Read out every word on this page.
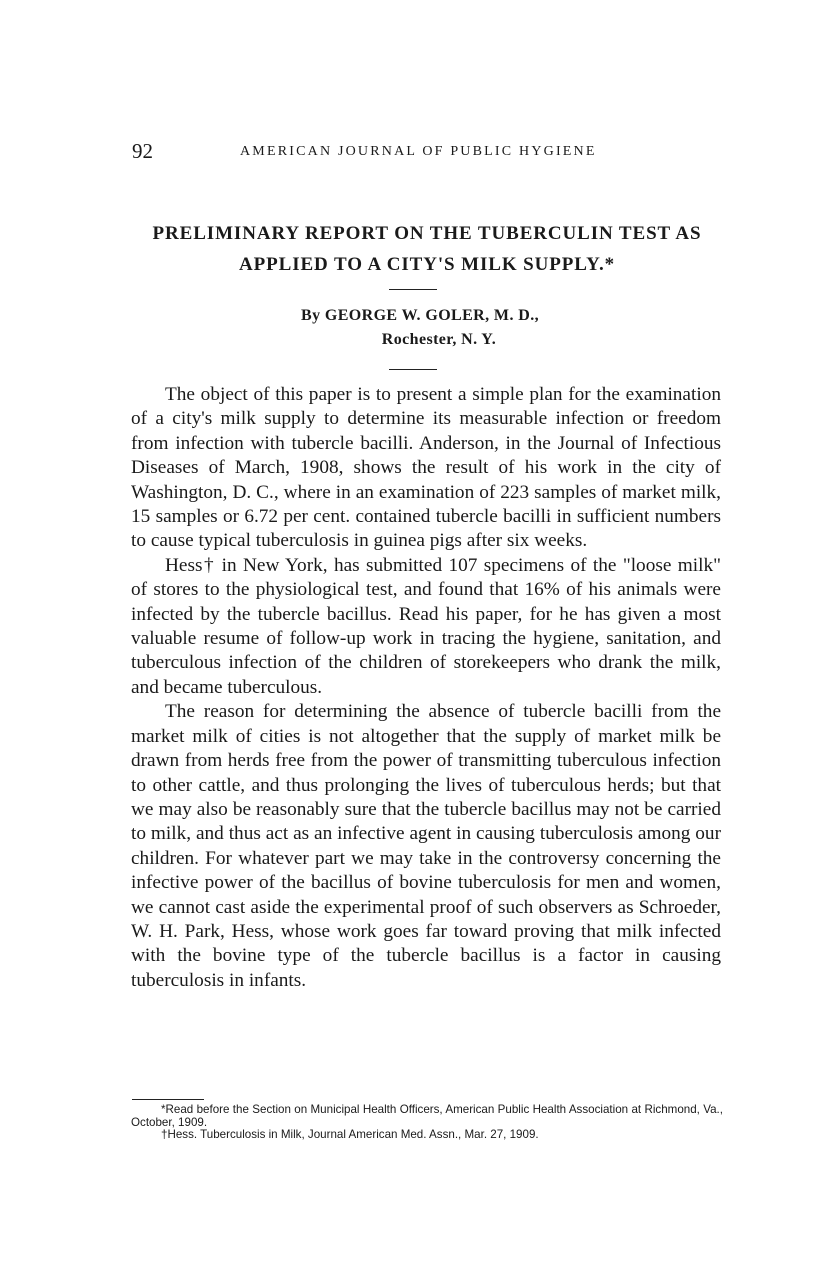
92	AMERICAN JOURNAL OF PUBLIC HYGIENE
PRELIMINARY REPORT ON THE TUBERCULIN TEST AS
APPLIED TO A CITY'S MILK SUPPLY.*
By GEORGE W. GOLER, M. D.,
Rochester, N. Y.

The object of this paper is to present a simple plan for the examination of a city's milk supply to determine its measurable infection or freedom from infection with tubercle bacilli. Anderson, in the Journal of Infectious Diseases of March, 1908, shows the result of his work in the city of Washington, D. C., where in an examination of 223 samples of market milk, 15 samples or 6.72 per cent. contained tubercle bacilli in sufficient numbers to cause typical tuberculosis in guinea pigs after six weeks.

Hess† in New York, has submitted 107 specimens of the "loose milk" of stores to the physiological test, and found that 16% of his animals were infected by the tubercle bacillus. Read his paper, for he has given a most valuable resume of follow-up work in tracing the hygiene, sanitation, and tuberculous infection of the children of storekeepers who drank the milk, and became tuberculous.

The reason for determining the absence of tubercle bacilli from the market milk of cities is not altogether that the supply of market milk be drawn from herds free from the power of transmitting tuberculous infection to other cattle, and thus prolonging the lives of tuberculous herds; but that we may also be reasonably sure that the tubercle bacillus may not be carried to milk, and thus act as an infective agent in causing tuberculosis among our children. For whatever part we may take in the controversy concerning the infective power of the bacillus of bovine tuberculosis for men and women, we cannot cast aside the experimental proof of such observers as Schroeder, W. H. Park, Hess, whose work goes far toward proving that milk infected with the bovine type of the tubercle bacillus is a factor in causing tuberculosis in infants.

*Read before the Section on Municipal Health Officers, American Public Health Association at Richmond, Va., October, 1909.

†Hess. Tuberculosis in Milk, Journal American Med. Assn., Mar. 27, 1909.
